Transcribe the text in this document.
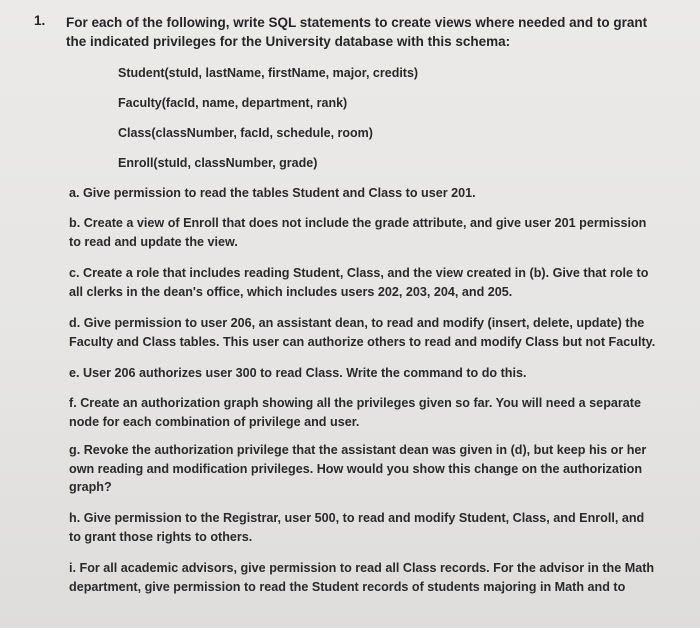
1. For each of the following, write SQL statements to create views where needed and to grant the indicated privileges for the University database with this schema:
Student(stuId, lastName, firstName, major, credits)
Faculty(facId, name, department, rank)
Class(classNumber, facId, schedule, room)
Enroll(stuId, classNumber, grade)
a. Give permission to read the tables Student and Class to user 201.
b. Create a view of Enroll that does not include the grade attribute, and give user 201 permission to read and update the view.
c. Create a role that includes reading Student, Class, and the view created in (b). Give that role to all clerks in the dean's office, which includes users 202, 203, 204, and 205.
d. Give permission to user 206, an assistant dean, to read and modify (insert, delete, update) the Faculty and Class tables. This user can authorize others to read and modify Class but not Faculty.
e. User 206 authorizes user 300 to read Class. Write the command to do this.
f. Create an authorization graph showing all the privileges given so far. You will need a separate node for each combination of privilege and user.
g. Revoke the authorization privilege that the assistant dean was given in (d), but keep his or her own reading and modification privileges. How would you show this change on the authorization graph?
h. Give permission to the Registrar, user 500, to read and modify Student, Class, and Enroll, and to grant those rights to others.
i. For all academic advisors, give permission to read all Class records. For the advisor in the Math department, give permission to read the Student records of students majoring in Math and to
